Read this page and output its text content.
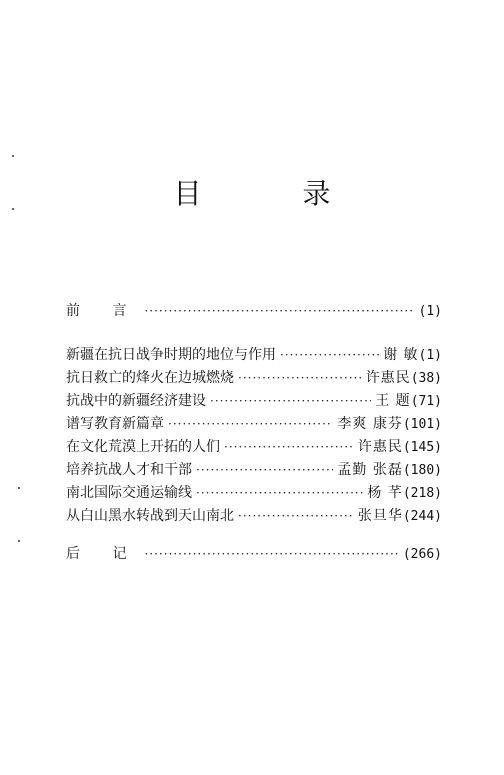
目 录
前 言 ·····	(1)
新疆在抗日战争时期的地位与作用 ·····	谢 敏 (1)
抗日救亡的烽火在边城燃烧 ·····	许惠民 (38)
抗战中的新疆经济建设 ·····	王 题 (71)
谱写教育新篇章 ·····	李爽 康芬 (101)
在文化荒漠上开拓的人们 ·····	许惠民 (145)
培养抗战人才和干部 ·····	孟勤 张磊 (180)
南北国际交通运输线 ·····	杨 芊 (218)
从白山黑水转战到天山南北 ·····	张旦华 (244)
后 记 ·····	(266)
